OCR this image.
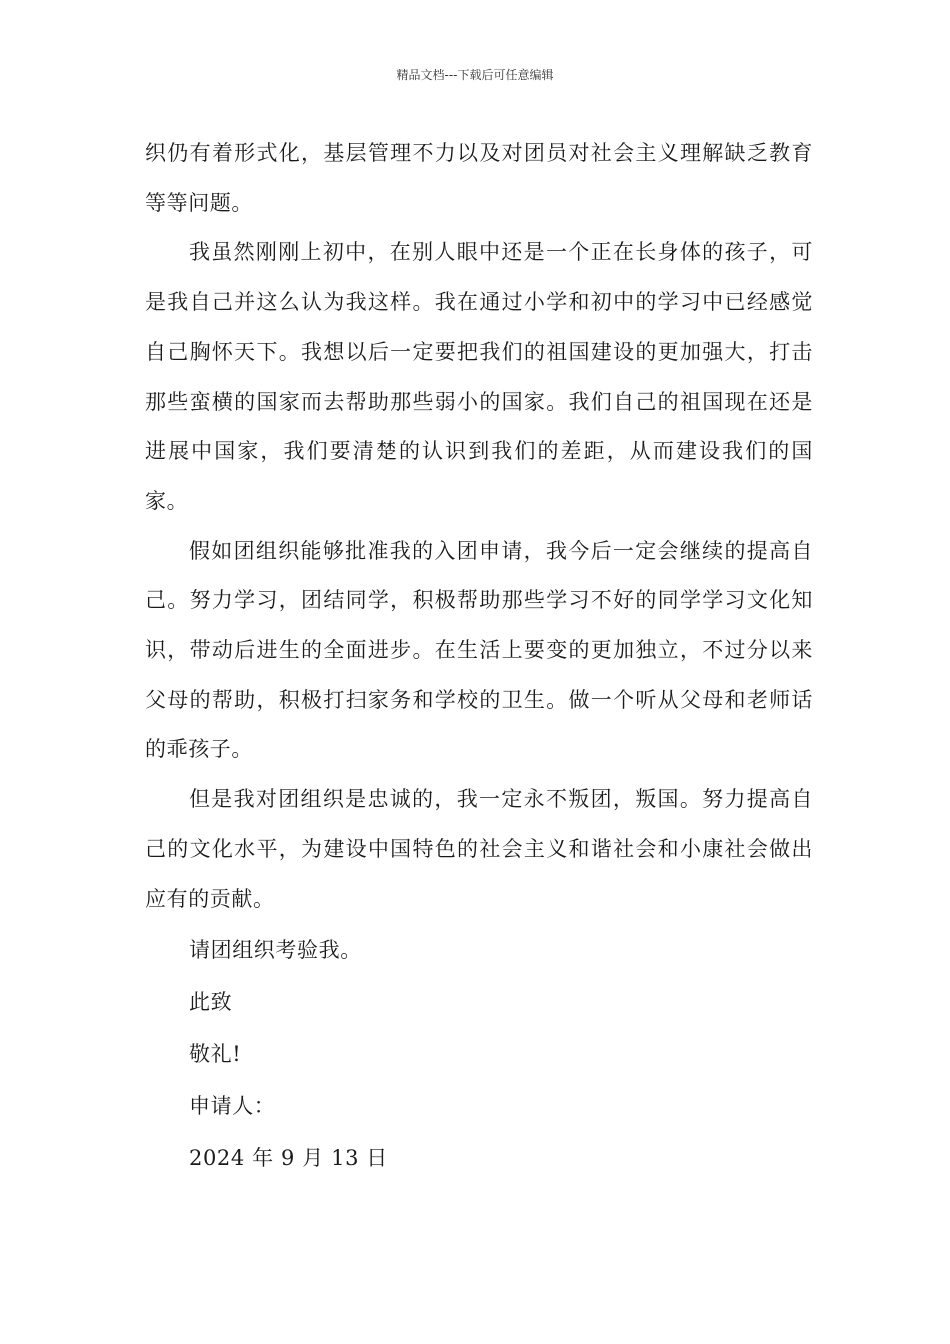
精品文档---下载后可任意编辑

织仍有着形式化，基层管理不力以及对团员对社会主义理解缺乏教育等等问题。

我虽然刚刚上初中，在别人眼中还是一个正在长身体的孩子，可是我自己并这么认为我这样。我在通过小学和初中的学习中已经感觉自己胸怀天下。我想以后一定要把我们的祖国建设的更加强大，打击那些蛮横的国家而去帮助那些弱小的国家。我们自己的祖国现在还是进展中国家，我们要清楚的认识到我们的差距，从而建设我们的国家。

假如团组织能够批准我的入团申请，我今后一定会继续的提高自己。努力学习，团结同学，积极帮助那些学习不好的同学学习文化知识，带动后进生的全面进步。在生活上要变的更加独立，不过分以来父母的帮助，积极打扫家务和学校的卫生。做一个听从父母和老师话的乖孩子。

但是我对团组织是忠诚的，我一定永不叛团，叛国。努力提高自己的文化水平，为建设中国特色的社会主义和谐社会和小康社会做出应有的贡献。

请团组织考验我。

此致

敬礼!

申请人：

2024 年 9 月 13 日
